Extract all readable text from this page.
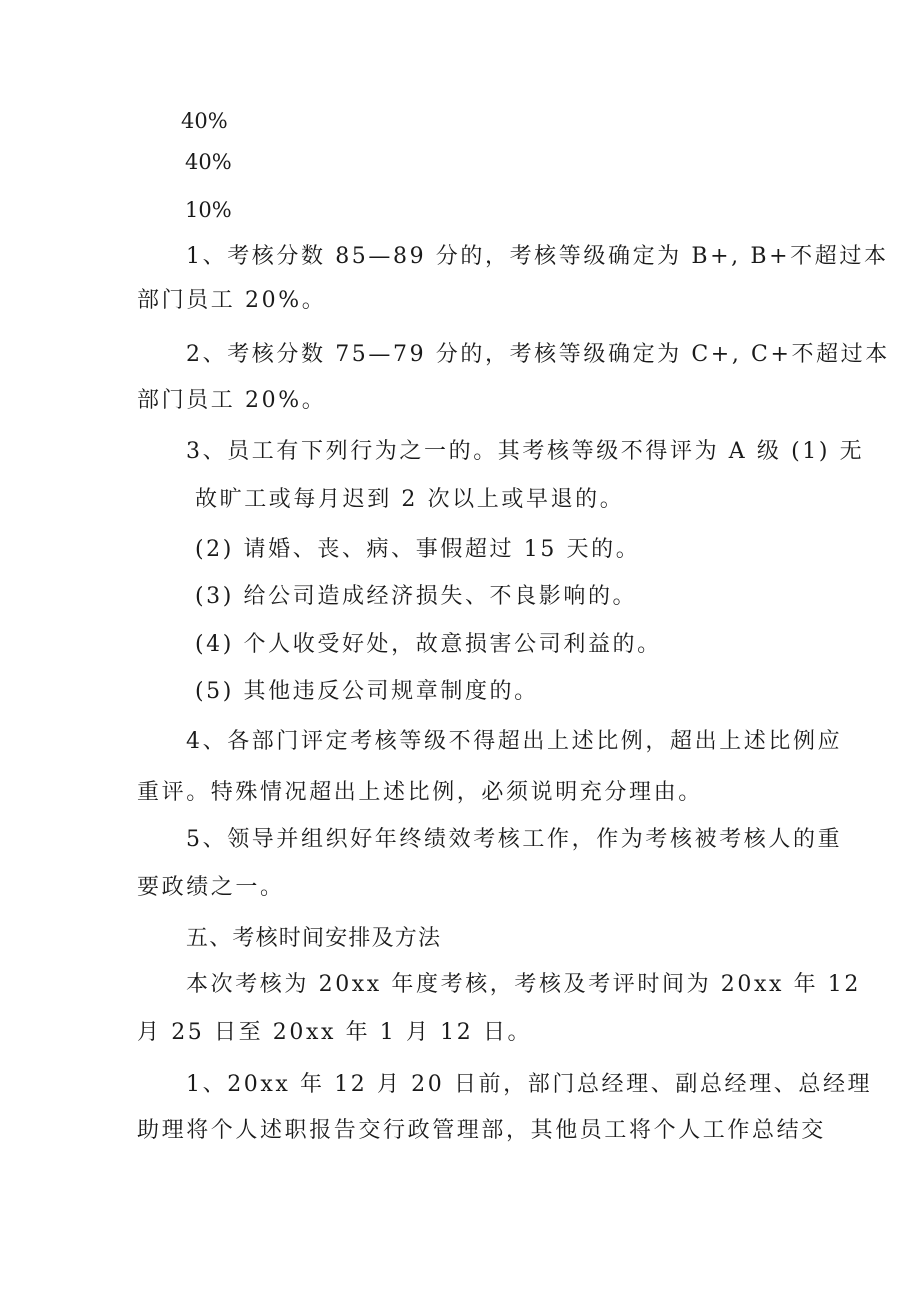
40%

40%

10%

1、考核分数 85—89 分的，考核等级确定为 B+, B+不超过本

部门员工 20%。

2、考核分数 75—79 分的，考核等级确定为 C+, C+不超过本

部门员工 20%。

3、员工有下列行为之一的。其考核等级不得评为 A 级 (1) 无

故旷工或每月迟到 2 次以上或早退的。

(2) 请婚、丧、病、事假超过 15 天的。

(3) 给公司造成经济损失、不良影响的。

(4) 个人收受好处，故意损害公司利益的。

(5) 其他违反公司规章制度的。

4、各部门评定考核等级不得超出上述比例，超出上述比例应

重评。特殊情况超出上述比例，必须说明充分理由。

5、领导并组织好年终绩效考核工作，作为考核被考核人的重

要政绩之一。

五、考核时间安排及方法

本次考核为 20xx 年度考核，考核及考评时间为 20xx 年 12

月 25 日至 20xx 年 1 月 12 日。

1、20xx 年 12 月 20 日前，部门总经理、副总经理、总经理

助理将个人述职报告交行政管理部，其他员工将个人工作总结交
